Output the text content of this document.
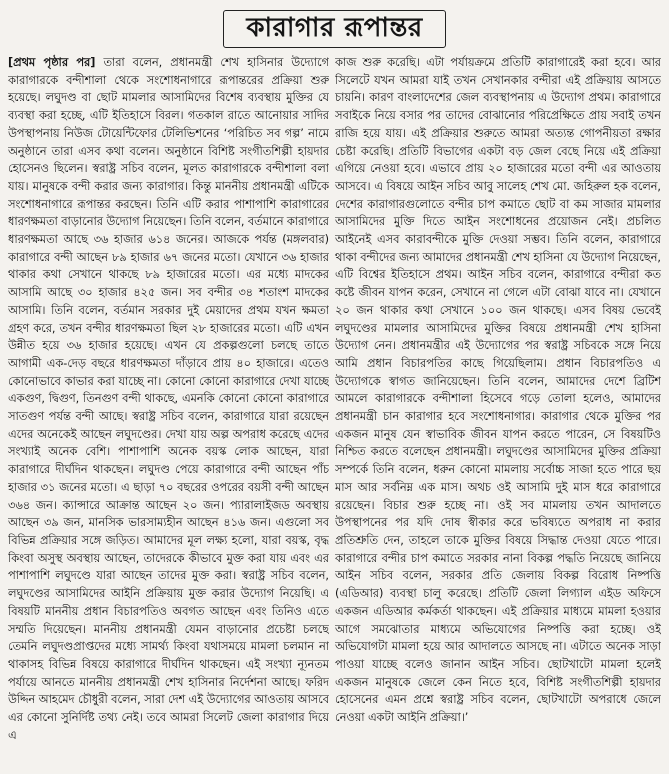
কারাগার রূপান্তর

[প্রথম পৃষ্ঠার পর] তারা বলেন, প্রধানমন্ত্রী শেখ হাসিনার উদ্যোগে কারাগারকে বন্দীশালা থেকে সংশোধনাগারে রূপান্তরের প্রক্রিয়া শুরু হয়েছে। লঘুদণ্ড বা ছোট মামলার আসামিদের বিশেষ ব্যবস্থায় মুক্তির যে ব্যবস্থা করা হচ্ছে, এটি ইতিহাসে বিরল। গতকাল রাতে আনোয়ার সাদির উপস্থাপনায় নিউজ টোয়েন্টিফোর টেলিভিশনের ‘পরিচিত সব গল্প’ নামে অনুষ্ঠানে তারা এসব কথা বলেন। অনুষ্ঠানে বিশিষ্ট সংগীতশিল্পী হায়দার হোসেনও ছিলেন। স্বরাষ্ট্র সচিব বলেন, মূলত কারাগারকে বন্দীশালা বলা যায়। মানুষকে বন্দী করার জন্য কারাগার। কিন্তু মাননীয় প্রধানমন্ত্রী এটিকে সংশোধনাগারে রূপান্তর করছেন। তিনি এটি করার পাশাপাশি কারাগারের ধারণক্ষমতা বাড়ানোর উদ্যোগ নিয়েছেন। তিনি বলেন, বর্তমানে কারাগারে ধারণক্ষমতা আছে ৩৬ হাজার ৬১৪ জনের। আজকে পর্যন্ত (মঙ্গলবার) কারাগারে বন্দী আছেন ৮৯ হাজার ৬৭ জনের মতো। যেখানে ৩৬ হাজার থাকার কথা সেখানে থাকছে ৮৯ হাজারের মতো। এর মধ্যে মাদকের আসামি আছে ৩০ হাজার ৪২৫ জন। সব বন্দীর ৩৪ শতাংশ মাদকের আসামি। তিনি বলেন, বর্তমান সরকার দুই মেয়াদের প্রথম যখন ক্ষমতা গ্রহণ করে, তখন বন্দীর ধারণক্ষমতা ছিল ২৮ হাজারের মতো। এটি এখন উন্নীত হয়ে ৩৬ হাজার হয়েছে। এখন যে প্রকল্পগুলো চলছে তাতে আগামী এক-দেড় বছরে ধারণক্ষমতা দাঁড়াবে প্রায় ৪০ হাজারে। এতেও কোনোভাবে কাভার করা যাচ্ছে না। কোনো কোনো কারাগারে দেখা যাচ্ছে একগুণ, দ্বিগুণ, তিনগুণ বন্দী থাকছে, এমনকি কোনো কোনো কারাগারে সাতগুণ পর্যন্ত বন্দী আছে। স্বরাষ্ট্র সচিব বলেন, কারাগারে যারা রয়েছেন এদের অনেকেই আছেন লঘুদণ্ডের। দেখা যায় অল্প অপরাধ করেছে এদের সংখ্যাই অনেক বেশি। পাশাপাশি অনেক বয়স্ক লোক আছেন, যারা কারাগারে দীর্ঘদিন থাকছেন। লঘুদণ্ড পেয়ে কারাগারে বন্দী আছেন পাঁচ হাজার ৩১ জনের মতো। এ ছাড়া ৭০ বছরের ওপরের বয়সী বন্দী আছেন ৩৬৪ জন। ক্যান্সারে আক্রান্ত আছেন ২০ জন। প্যারালাইজড অবস্থায় আছেন ৩৯ জন, মানসিক ভারসাম্যহীন আছেন ৪১৬ জন। এগুলো সব বিভিন্ন প্রক্রিয়ার সঙ্গে জড়িত। আমাদের মূল লক্ষ্য হলো, যারা বয়স্ক, বৃদ্ধ কিংবা অসুস্থ অবস্থায় আছেন, তাদেরকে কীভাবে মুক্ত করা যায় এবং এর পাশাপাশি লঘুদণ্ডে যারা আছেন তাদের মুক্ত করা। স্বরাষ্ট্র সচিব বলেন, লঘুদণ্ডের আসামিদের আইনি প্রক্রিয়ায় মুক্ত করার উদ্যোগ নিয়েছি। এ বিষয়টি মাননীয় প্রধান বিচারপতিও অবগত আছেন এবং তিনিও এতে সম্মতি দিয়েছেন। মাননীয় প্রধানমন্ত্রী যেমন বাড়ানোর প্রচেষ্টা চলছে তেমনি লঘুদণ্ডপ্রাপ্তদের মধ্যে সামর্থ্য কিংবা যথাসময়ে মামলা চলমান না থাকাসহ বিভিন্ন বিষয়ে কারাগারে দীর্ঘদিন থাকছেন। এই সংখ্যা ন্যূনতম পর্যায়ে আনতে মাননীয় প্রধানমন্ত্রী শেখ হাসিনার নির্দেশনা আছে। ফরিদ উদ্দিন আহমেদ চৌধুরী বলেন, সারা দেশ এই উদ্যোগের আওতায় আসবে এর কোনো সুনির্দিষ্ট তথ্য নেই। তবে আমরা সিলেট জেলা কারাগার দিয়ে এ

কাজ শুরু করেছি। এটা পর্যায়ক্রমে প্রতিটি কারাগারেই করা হবে। আর সিলেটে যখন আমরা যাই তখন সেখানকার বন্দীরা এই প্রক্রিয়ায় আসতে চায়নি। কারণ বাংলাদেশের জেল ব্যবস্থাপনায় এ উদ্যোগ প্রথম। কারাগারে সবাইকে নিয়ে বসার পর তাদের বোঝানোর পরিপ্রেক্ষিতে প্রায় সবাই তখন রাজি হয়ে যায়। এই প্রক্রিয়ার শুরুতে আমরা অত্যন্ত গোপনীয়তা রক্ষার চেষ্টা করেছি। প্রতিটি বিভাগের একটা বড় জেল বেছে নিয়ে এই প্রক্রিয়া এগিয়ে নেওয়া হবে। এভাবে প্রায় ২০ হাজারের মতো বন্দী এর আওতায় আসবে। এ বিষয়ে আইন সচিব আবু সালেহ শেখ মো. জহিরুল হক বলেন, দেশের কারাগারগুলোতে বন্দীর চাপ কমাতে ছোট বা কম সাজার মামলার আসামিদের মুক্তি দিতে আইন সংশোধনের প্রয়োজন নেই। প্রচলিত আইনেই এসব কারাবন্দীকে মুক্তি দেওয়া সম্ভব। তিনি বলেন, কারাগারে থাকা বন্দীদের জন্য আমাদের প্রধানমন্ত্রী শেখ হাসিনা যে উদ্যোগ নিয়েছেন, এটি বিশ্বের ইতিহাসে প্রথম। আইন সচিব বলেন, কারাগারে বন্দীরা কত কষ্টে জীবন যাপন করেন, সেখানে না গেলে এটা বোঝা যাবে না। যেখানে ২০ জন থাকার কথা সেখানে ১০০ জন থাকছে। এসব বিষয় ভেবেই লঘুদণ্ডের মামলার আসামিদের মুক্তির বিষয়ে প্রধানমন্ত্রী শেখ হাসিনা উদ্যোগ নেন। প্রধানমন্ত্রীর এই উদ্যোগের পর স্বরাষ্ট্র সচিবকে সঙ্গে নিয়ে আমি প্রধান বিচারপতির কাছে গিয়েছিলাম। প্রধান বিচারপতিও এ উদ্যোগকে স্বাগত জানিয়েছেন। তিনি বলেন, আমাদের দেশে ব্রিটিশ আমলে কারাগারকে বন্দীশালা হিসেবে গড়ে তোলা হলেও, আমাদের প্রধানমন্ত্রী চান কারাগার হবে সংশোধনাগার। কারাগার থেকে মুক্তির পর একজন মানুষ যেন স্বাভাবিক জীবন যাপন করতে পারেন, সে বিষয়টিও নিশ্চিত করতে বলেছেন প্রধানমন্ত্রী। লঘুদণ্ডের আসামিদের মুক্তির প্রক্রিয়া সম্পর্কে তিনি বলেন, ধরুন কোনো মামলায় সর্বোচ্চ সাজা হতে পারে ছয় মাস আর সর্বনিম্ন এক মাস। অথচ ওই আসামি দুই মাস ধরে কারাগারে রয়েছেন। বিচার শুরু হচ্ছে না। ওই সব মামলায় তখন আদালতে উপস্থাপনের পর যদি দোষ স্বীকার করে ভবিষ্যতে অপরাধ না করার প্রতিশ্রুতি দেন, তাহলে তাকে মুক্তির বিষয়ে সিদ্ধান্ত দেওয়া যেতে পারে। কারাগারে বন্দীর চাপ কমাতে সরকার নানা বিকল্প পদ্ধতি নিয়েছে জানিয়ে আইন সচিব বলেন, সরকার প্রতি জেলায় বিকল্প বিরোধ নিষ্পত্তি (এডিআর) ব্যবস্থা চালু করেছে। প্রতিটি জেলা লিগ্যাল এইড অফিসে একজন এডিআর কর্মকর্তা থাকছেন। এই প্রক্রিয়ার মাধ্যমে মামলা হওয়ার আগে সমঝোতার মাধ্যমে অভিযোগের নিষ্পত্তি করা হচ্ছে। ওই অভিযোগটা মামলা হয়ে আর আদালতে আসছে না। এটাতে অনেক সাড়া পাওয়া যাচ্ছে বলেও জানান আইন সচিব। ছোটখাটো মামলা হলেই একজন মানুষকে জেলে কেন নিতে হবে, বিশিষ্ট সংগীতশিল্পী হায়দার হোসেনের এমন প্রশ্নে স্বরাষ্ট্র সচিব বলেন, ছোটখাটো অপরাধে জেলে নেওয়া একটা আইনি প্রক্রিয়া।’
